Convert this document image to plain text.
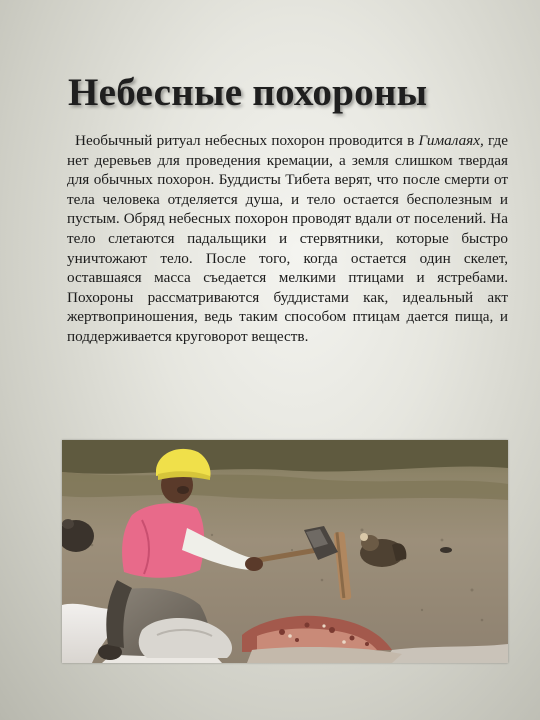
Небесные похороны
Необычный ритуал небесных похорон проводится в Гималаях, где нет деревьев для проведения кремации, а земля слишком твердая для обычных похорон. Буддисты Тибета верят, что после смерти от тела человека отделяется душа, и тело остается бесполезным и пустым. Обряд небесных похорон проводят вдали от поселений. На тело слетаются падальщики и стервятники, которые быстро уничтожают тело. После того, когда остается один скелет, оставшаяся масса съедается мелкими птицами и ястребами. Похороны рассматриваются буддистами как, идеальный акт жертвоприношения, ведь таким способом птицам дается пища, и поддерживается круговорот веществ.
